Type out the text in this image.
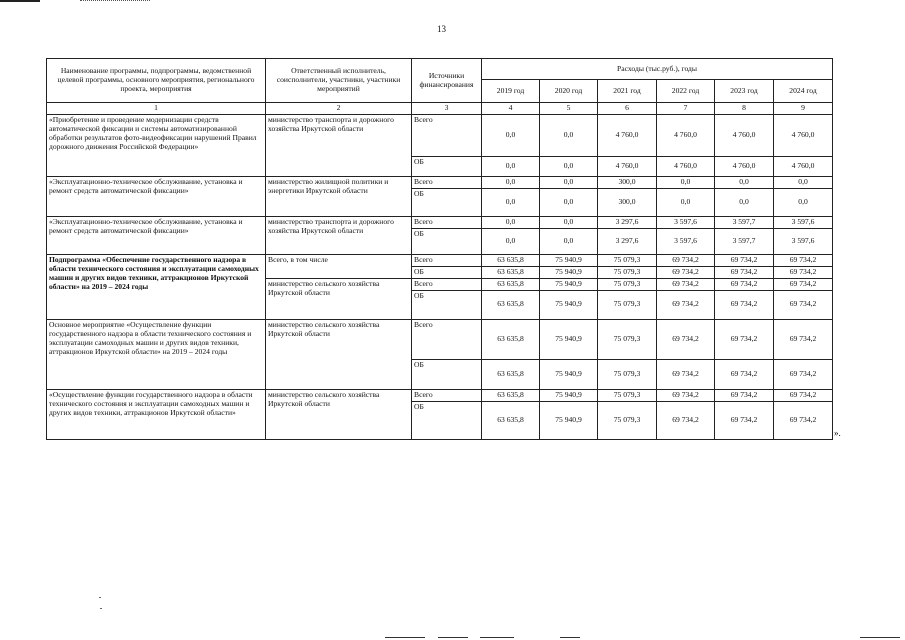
13
Наименование программы, подпрограммы, ведомственной целевой программы, основного мероприятия, регионального проекта, мероприятия	Ответственный исполнитель, соисполнители, участники, участники мероприятий	Источники финансирования	Расходы (тыс.руб.), годы					
			2019 год	2020 год	2021 год	2022 год	2023 год	2024 год
1	2	3	4	5	6	7	8	9
«Приобретение и проведение модернизации средств автоматической фиксации и системы автоматизированной обработки результатов фото-видеофиксации нарушений Правил дорожного движения Российской Федерации»	министерство транспорта и дорожного хозяйства Иркутской области	Всего	0,0	0,0	4 760,0	4 760,0	4 760,0	4 760,0
		ОБ	0,0	0,0	4 760,0	4 760,0	4 760,0	4 760,0
«Эксплуатационно-техническое обслуживание, установка и ремонт средств автоматической фиксации»	министерство жилищной политики и энергетики Иркутской области	Всего	0,0	0,0	300,0	0,0	0,0	0,0
		ОБ	0,0	0,0	300,0	0,0	0,0	0,0
«Эксплуатационно-техническое обслуживание, установка и ремонт средств автоматической фиксации»	министерство транспорта и дорожного хозяйства Иркутской области	Всего	0,0	0,0	3 297,6	3 597,6	3 597,7	3 597,6
		ОБ	0,0	0,0	3 297,6	3 597,6	3 597,7	3 597,6
Подпрограмма «Обеспечение государственного надзора в области технического состояния и эксплуатации самоходных машин и других видов техники, аттракционов Иркутской области» на 2019 – 2024 годы	Всего, в том числе	Всего	63 635,8	75 940,9	75 079,3	69 734,2	69 734,2	69 734,2
		ОБ	63 635,8	75 940,9	75 079,3	69 734,2	69 734,2	69 734,2
	министерство сельского хозяйства Иркутской области	Всего	63 635,8	75 940,9	75 079,3	69 734,2	69 734,2	69 734,2
		ОБ	63 635,8	75 940,9	75 079,3	69 734,2	69 734,2	69 734,2
Основное мероприятие «Осуществление функции государственного надзора в области технического состояния и эксплуатации самоходных машин и других видов техники, аттракционов Иркутской области» на 2019 – 2024 годы	министерство сельского хозяйства Иркутской области	Всего	63 635,8	75 940,9	75 079,3	69 734,2	69 734,2	69 734,2
		ОБ	63 635,8	75 940,9	75 079,3	69 734,2	69 734,2	69 734,2
«Осуществление функции государственного надзора в области технического состояния и эксплуатации самоходных машин и других видов техники, аттракционов Иркутской области»	министерство сельского хозяйства Иркутской области	Всего	63 635,8	75 940,9	75 079,3	69 734,2	69 734,2	69 734,2
		ОБ	63 635,8	75 940,9	75 079,3	69 734,2	69 734,2	69 734,2
».
